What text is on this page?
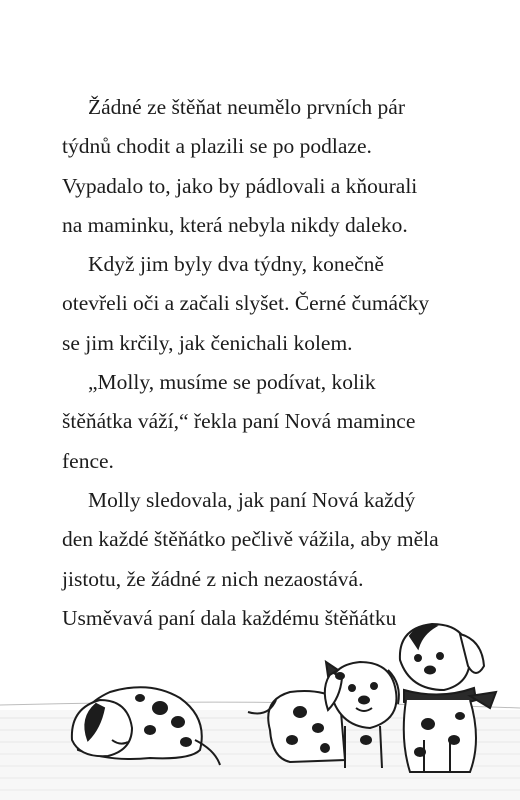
Žádné ze štěňat neumělo prvních pár
týdnů chodit a plazili se po podlaze.
Vypadalo to, jako by pádlovali a kňourali
na maminku, která nebyla nikdy daleko.
Když jim byly dva týdny, konečně
otevřeli oči a začali slyšet. Černé čumáčky
se jim krčily, jak čenichali kolem.
„Molly, musíme se podívat, kolik
štěňátka váží,“ řekla paní Nová mamince
fence.
Molly sledovala, jak paní Nová každý
den každé štěňátko pečlivě vážila, aby měla
jistotu, že žádné z nich nezaostává.
Usměvavá paní dala každému štěňátku
